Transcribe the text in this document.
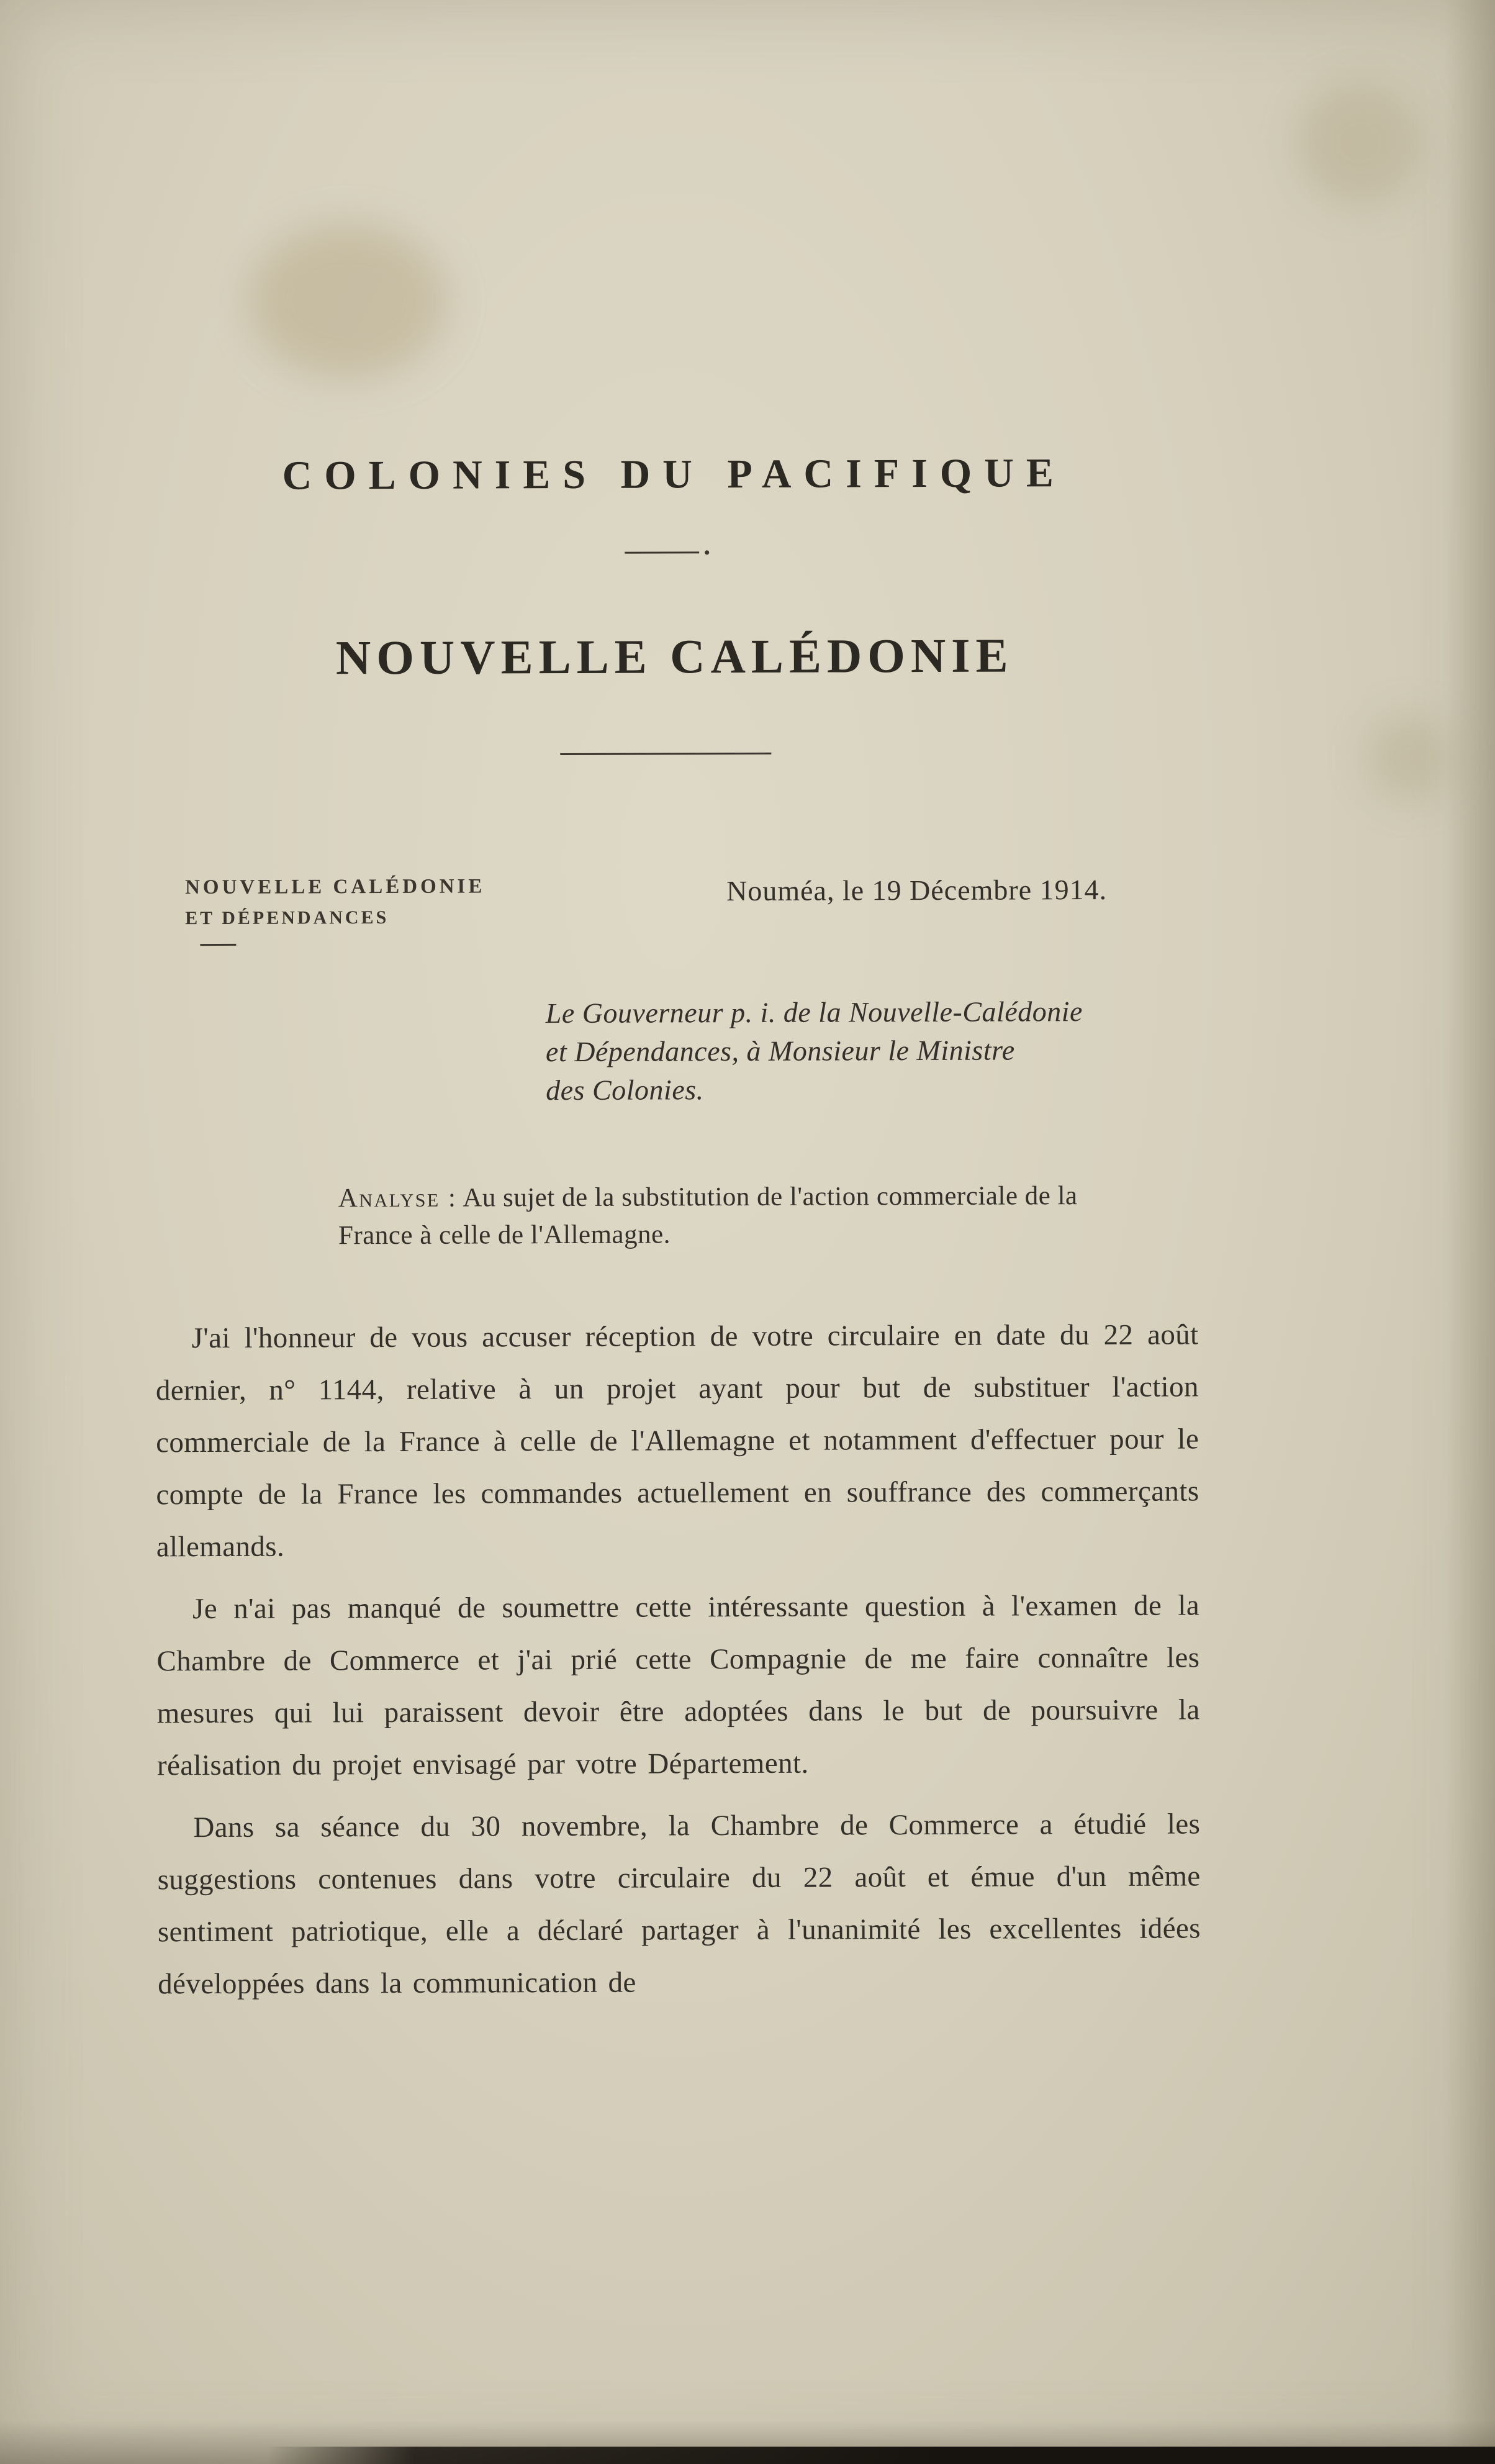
COLONIES DU PACIFIQUE
NOUVELLE CALÉDONIE
NOUVELLE CALÉDONIE
ET DÉPENDANCES
Nouméa, le 19 Décembre 1914.
Le Gouverneur p. i. de la Nouvelle-Calédonie
et Dépendances, à Monsieur le Ministre
des Colonies.
Analyse : Au sujet de la substitution de l'action commerciale de la France à celle de l'Allemagne.

J'ai l'honneur de vous accuser réception de votre circulaire en date du 22 août dernier, n° 1144, relative à un projet ayant pour but de substituer l'action commerciale de la France à celle de l'Allemagne et notamment d'effectuer pour le compte de la France les commandes actuellement en souffrance des commerçants allemands.

Je n'ai pas manqué de soumettre cette intéressante question à l'examen de la Chambre de Commerce et j'ai prié cette Compagnie de me faire connaître les mesures qui lui paraissent devoir être adoptées dans le but de poursuivre la réalisation du projet envisagé par votre Département.

Dans sa séance du 30 novembre, la Chambre de Commerce a étudié les suggestions contenues dans votre circulaire du 22 août et émue d'un même sentiment patriotique, elle a déclaré partager à l'unanimité les excellentes idées développées dans la communication de
